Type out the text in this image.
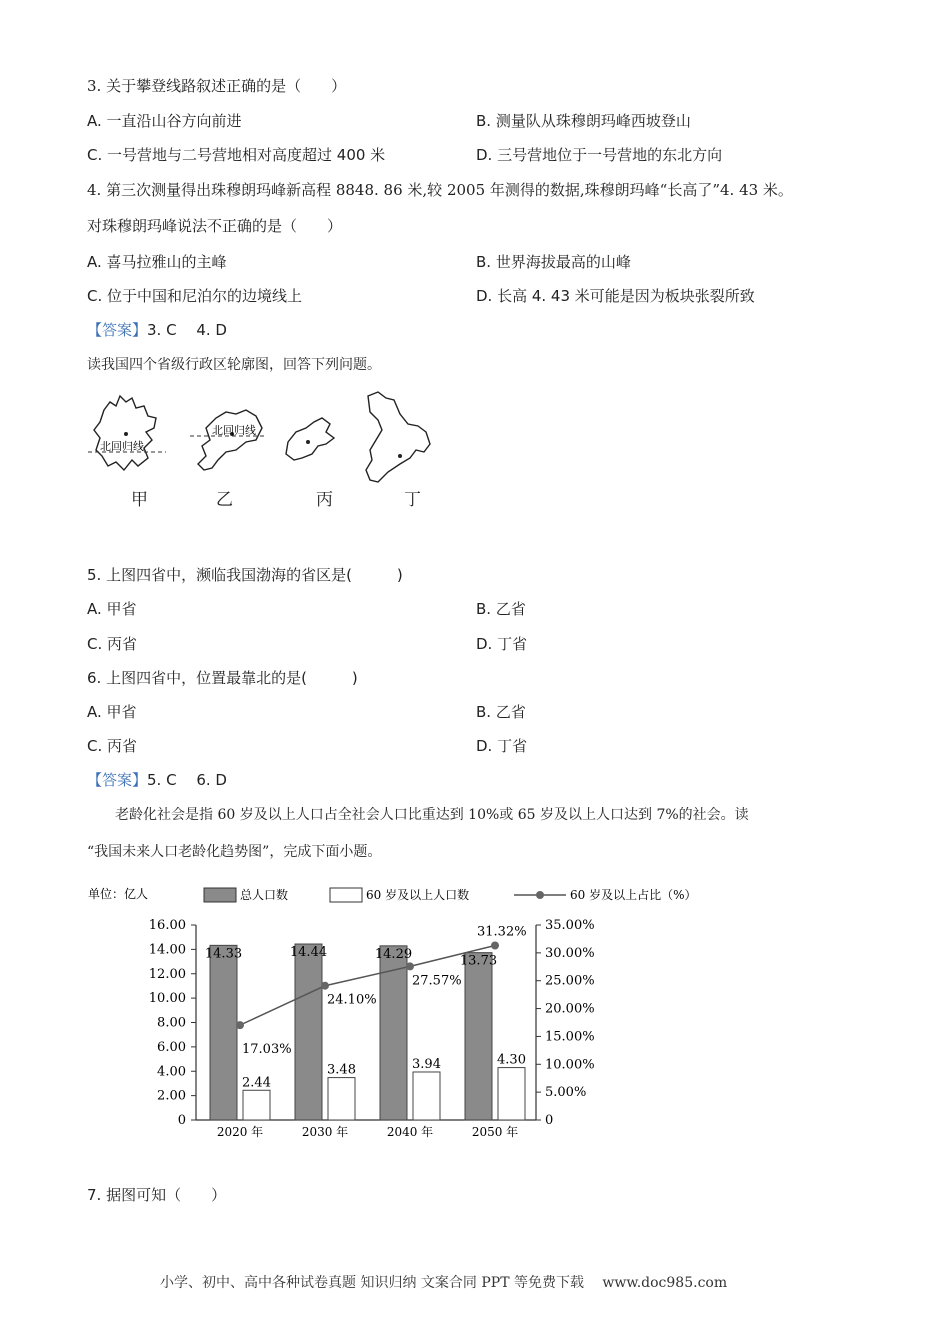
3. 关于攀登线路叙述正确的是（　　）
A. 一直沿山谷方向前进	B. 测量队从珠穆朗玛峰西坡登山
C. 一号营地与二号营地相对高度超过 400 米	D. 三号营地位于一号营地的东北方向
4. 第三次测量得出珠穆朗玛峰新高程 8848. 86 米,较 2005 年测得的数据,珠穆朗玛峰“长高了”4. 43 米。
对珠穆朗玛峰说法不正确的是（　　）
A. 喜马拉雅山的主峰	B. 世界海拔最高的山峰
C. 位于中国和尼泊尔的边境线上	D. 长高 4. 43 米可能是因为板块张裂所致
【答案】3. C　 4. D
读我国四个省级行政区轮廓图，回答下列问题。
北回归线
北回归线
甲	乙	丙	丁
5. 上图四省中，濒临我国渤海的省区是(　　　)
A. 甲省	B. 乙省
C. 丙省	D. 丁省
6. 上图四省中，位置最靠北的是(　　　)
A. 甲省	B. 乙省
C. 丙省	D. 丁省
【答案】5. C　 6. D
　　老龄化社会是指 60 岁及以上人口占全社会人口比重达到 10%或 65 岁及以上人口达到 7%的社会。读
“我国未来人口老龄化趋势图”，完成下面小题。
单位：亿人	总人口数	60 岁及以上人口数	60 岁及以上占比（%）
0
2.00
4.00
6.00
8.00
10.00
12.00
14.00
16.00
0
5.00%
10.00%
15.00%
20.00%
25.00%
30.00%
35.00%
14.33
2.44
14.44
3.48
14.29
3.94
13.73
4.30
17.03%
24.10%
27.57%
31.32%
2020 年	2030 年	2040 年	2050 年
7. 据图可知（　　）
小学、初中、高中各种试卷真题 知识归纳 文案合同 PPT 等免费下载　 www.doc985.com
